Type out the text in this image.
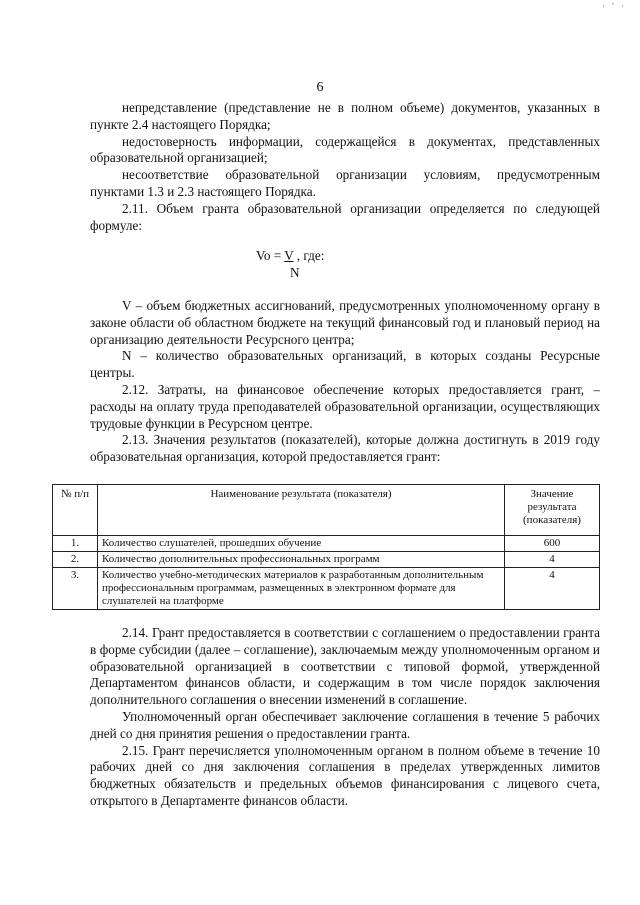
· ' ·
6

непредставление (представление не в полном объеме) документов, указанных в пункте 2.4 настоящего Порядка;

недостоверность информации, содержащейся в документах, представленных образовательной организацией;

несоответствие образовательной организации условиям, предусмотренным пунктами 1.3 и 2.3 настоящего Порядка.

2.11. Объем гранта образовательной организации определяется по следующей формуле:

Vo = V , где:
N

V – объем бюджетных ассигнований, предусмотренных уполномоченному органу в законе области об областном бюджете на текущий финансовый год и плановый период на организацию деятельности Ресурсного центра;

N – количество образовательных организаций, в которых созданы Ресурсные центры.

2.12. Затраты, на финансовое обеспечение которых предоставляется грант, – расходы на оплату труда преподавателей образовательной организации, осуществляющих трудовые функции в Ресурсном центре.

2.13. Значения результатов (показателей), которые должна достигнуть в 2019 году образовательная организация, которой предоставляется грант:

№ п/п	Наименование результата (показателя)	Значение результата (показателя)
1.	Количество слушателей, прошедших обучение	600
2.	Количество дополнительных профессиональных программ	4
3.	Количество учебно-методических материалов к разработанным дополнительным профессиональным программам, размещенных в электронном формате для слушателей на платформе	4

2.14. Грант предоставляется в соответствии с соглашением о предоставлении гранта в форме субсидии (далее – соглашение), заключаемым между уполномоченным органом и образовательной организацией в соответствии с типовой формой, утвержденной Департаментом финансов области, и содержащим в том числе порядок заключения дополнительного соглашения о внесении изменений в соглашение.

Уполномоченный орган обеспечивает заключение соглашения в течение 5 рабочих дней со дня принятия решения о предоставлении гранта.

2.15. Грант перечисляется уполномоченным органом в полном объеме в течение 10 рабочих дней со дня заключения соглашения в пределах утвержденных лимитов бюджетных обязательств и предельных объемов финансирования с лицевого счета, открытого в Департаменте финансов области.
